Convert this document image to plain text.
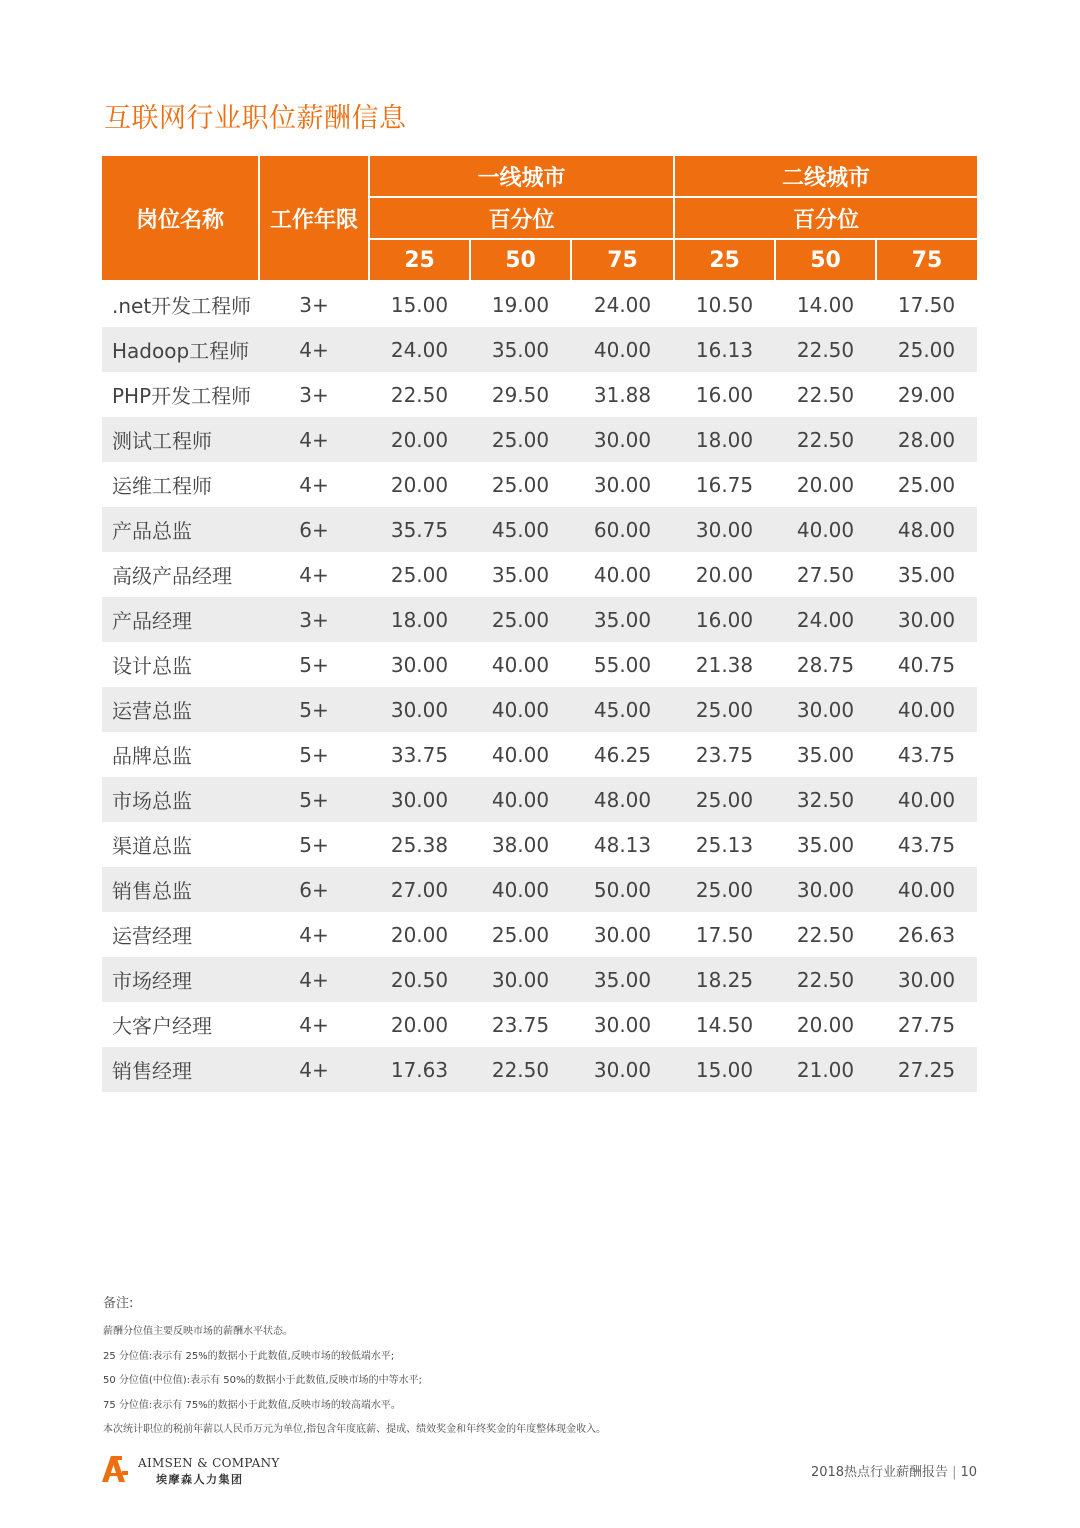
互联网行业职位薪酬信息
岗位名称	工作年限	一线城市			二线城市		
		百分位			百分位		
		25	50	75	25	50	75
.net开发工程师	3+	15.00	19.00	24.00	10.50	14.00	17.50
Hadoop工程师	4+	24.00	35.00	40.00	16.13	22.50	25.00
PHP开发工程师	3+	22.50	29.50	31.88	16.00	22.50	29.00
测试工程师	4+	20.00	25.00	30.00	18.00	22.50	28.00
运维工程师	4+	20.00	25.00	30.00	16.75	20.00	25.00
产品总监	6+	35.75	45.00	60.00	30.00	40.00	48.00
高级产品经理	4+	25.00	35.00	40.00	20.00	27.50	35.00
产品经理	3+	18.00	25.00	35.00	16.00	24.00	30.00
设计总监	5+	30.00	40.00	55.00	21.38	28.75	40.75
运营总监	5+	30.00	40.00	45.00	25.00	30.00	40.00
品牌总监	5+	33.75	40.00	46.25	23.75	35.00	43.75
市场总监	5+	30.00	40.00	48.00	25.00	32.50	40.00
渠道总监	5+	25.38	38.00	48.13	25.13	35.00	43.75
销售总监	6+	27.00	40.00	50.00	25.00	30.00	40.00
运营经理	4+	20.00	25.00	30.00	17.50	22.50	26.63
市场经理	4+	20.50	30.00	35.00	18.25	22.50	30.00
大客户经理	4+	20.00	23.75	30.00	14.50	20.00	27.75
销售经理	4+	17.63	22.50	30.00	15.00	21.00	27.25
备注:
薪酬分位值主要反映市场的薪酬水平状态。
25 分位值:表示有 25%的数据小于此数值,反映市场的较低端水平;
50 分位值(中位值):表示有 50%的数据小于此数值,反映市场的中等水平;
75 分位值:表示有 75%的数据小于此数值,反映市场的较高端水平。
本次统计职位的税前年薪以人民币万元为单位,指包含年度底薪、提成、绩效奖金和年终奖金的年度整体现金收入。
AIMSEN & COMPANY
埃摩森人力集团	2018热点行业薪酬报告 | 10
